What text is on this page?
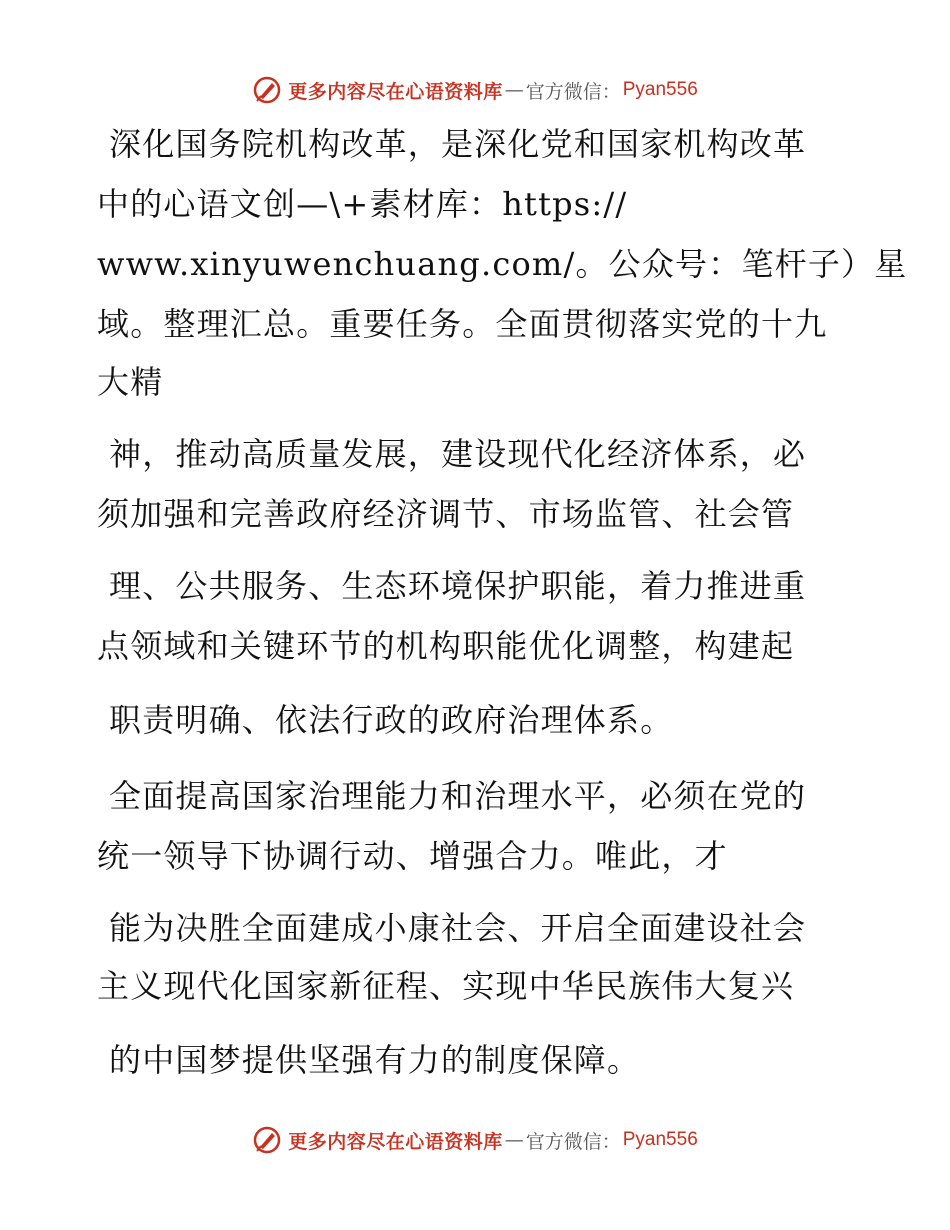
更多内容尽在心语资料库 — 官方微信： Pyan556
深化国务院机构改革，是深化党和国家机构改革
中的心语文创—\+素材库：https://
www.xinyuwenchuang.com/。公众号：笔杆子）星
域。整理汇总。重要任务。全面贯彻落实党的十九
大精
神，推动高质量发展，建设现代化经济体系，必
须加强和完善政府经济调节、市场监管、社会管
理、公共服务、生态环境保护职能，着力推进重
点领域和关键环节的机构职能优化调整，构建起
职责明确、依法行政的政府治理体系。
全面提高国家治理能力和治理水平，必须在党的
统一领导下协调行动、增强合力。唯此，才
能为决胜全面建成小康社会、开启全面建设社会
主义现代化国家新征程、实现中华民族伟大复兴
的中国梦提供坚强有力的制度保障。
更多内容尽在心语资料库 — 官方微信： Pyan556
